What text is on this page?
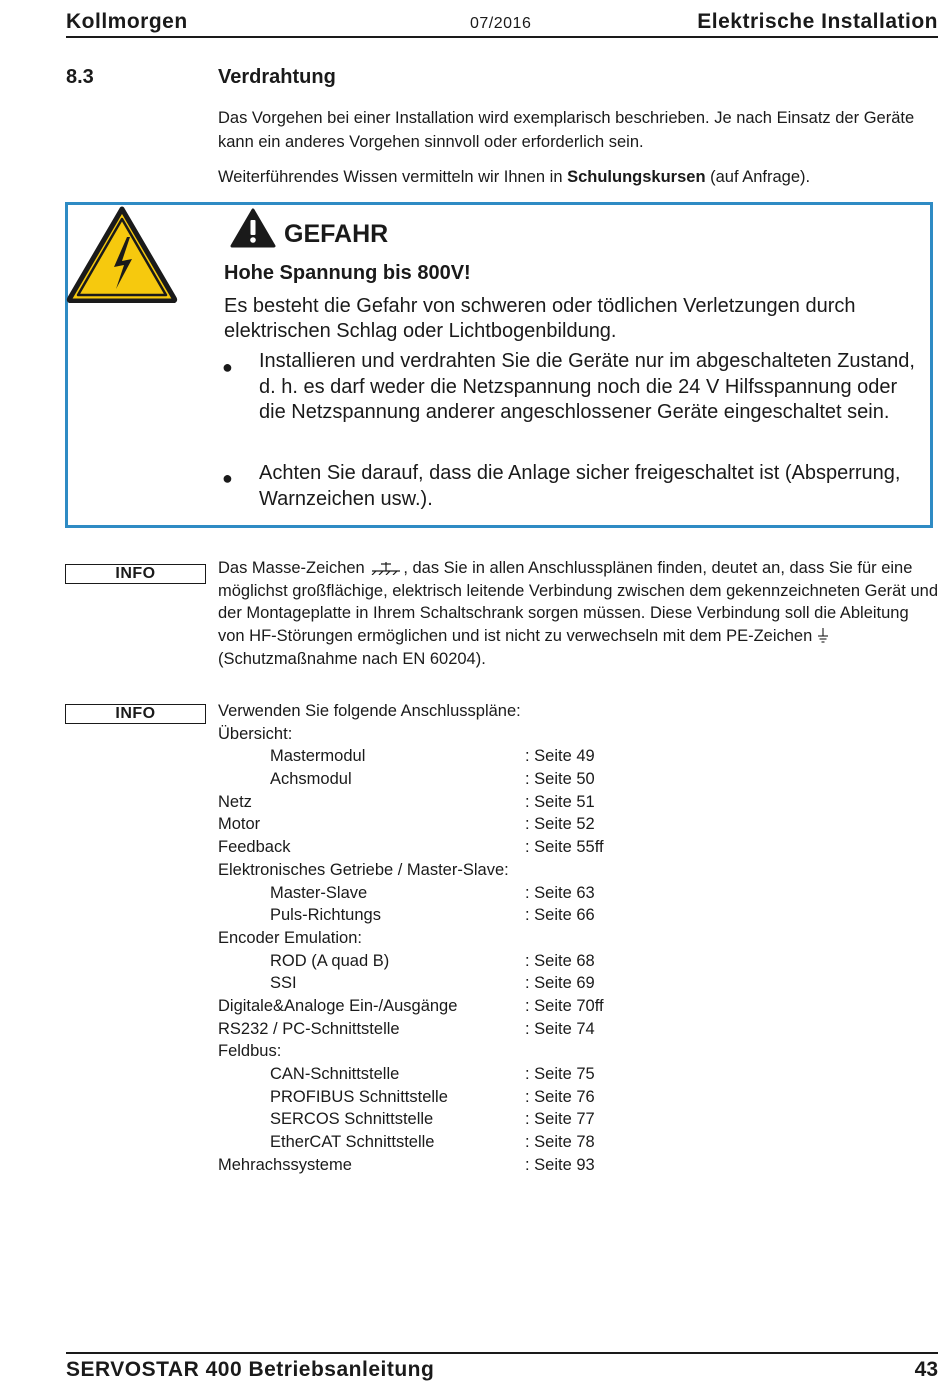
Kollmorgen	07/2016	Elektrische Installation
8.3	Verdrahtung
Das Vorgehen bei einer Installation wird exemplarisch beschrieben. Je nach Einsatz der Geräte kann ein anderes Vorgehen sinnvoll oder erforderlich sein.
Weiterführendes Wissen vermitteln wir Ihnen in Schulungskursen (auf Anfrage).
GEFAHR
Hohe Spannung bis 800V!
Es besteht die Gefahr von schweren oder tödlichen Verletzungen durch elektrischen Schlag oder Lichtbogenbildung.
● Installieren und verdrahten Sie die Geräte nur im abgeschalteten Zustand, d. h. es darf weder die Netzspannung noch die 24 V Hilfsspannung oder die Netzspannung anderer angeschlossener Geräte eingeschaltet sein.
● Achten Sie darauf, dass die Anlage sicher freigeschaltet ist (Absperrung, Warnzeichen usw.).
INFO	Das Masse-Zeichen , das Sie in allen Anschlussplänen finden, deutet an, dass Sie für eine möglichst großflächige, elektrisch leitende Verbindung zwischen dem gekennzeichneten Gerät und der Montageplatte in Ihrem Schaltschrank sorgen müssen. Diese Verbindung soll die Ableitung von HF-Störungen ermöglichen und ist nicht zu verwechseln mit dem PE-Zeichen  (Schutzmaßnahme nach EN 60204).
INFO	Verwenden Sie folgende Anschlusspläne:
Übersicht:
Mastermodul	: Seite 49
Achsmodul	: Seite 50
Netz	: Seite 51
Motor	: Seite 52
Feedback	: Seite 55ff
Elektronisches Getriebe / Master-Slave:
Master-Slave	: Seite 63
Puls-Richtungs	: Seite 66
Encoder Emulation:
ROD (A quad B)	: Seite 68
SSI	: Seite 69
Digitale&Analoge Ein-/Ausgänge	: Seite 70ff
RS232 / PC-Schnittstelle	: Seite 74
Feldbus:
CAN-Schnittstelle	: Seite 75
PROFIBUS Schnittstelle	: Seite 76
SERCOS Schnittstelle	: Seite 77
EtherCAT Schnittstelle	: Seite 78
Mehrachssysteme	: Seite 93
SERVOSTAR 400 Betriebsanleitung	43
